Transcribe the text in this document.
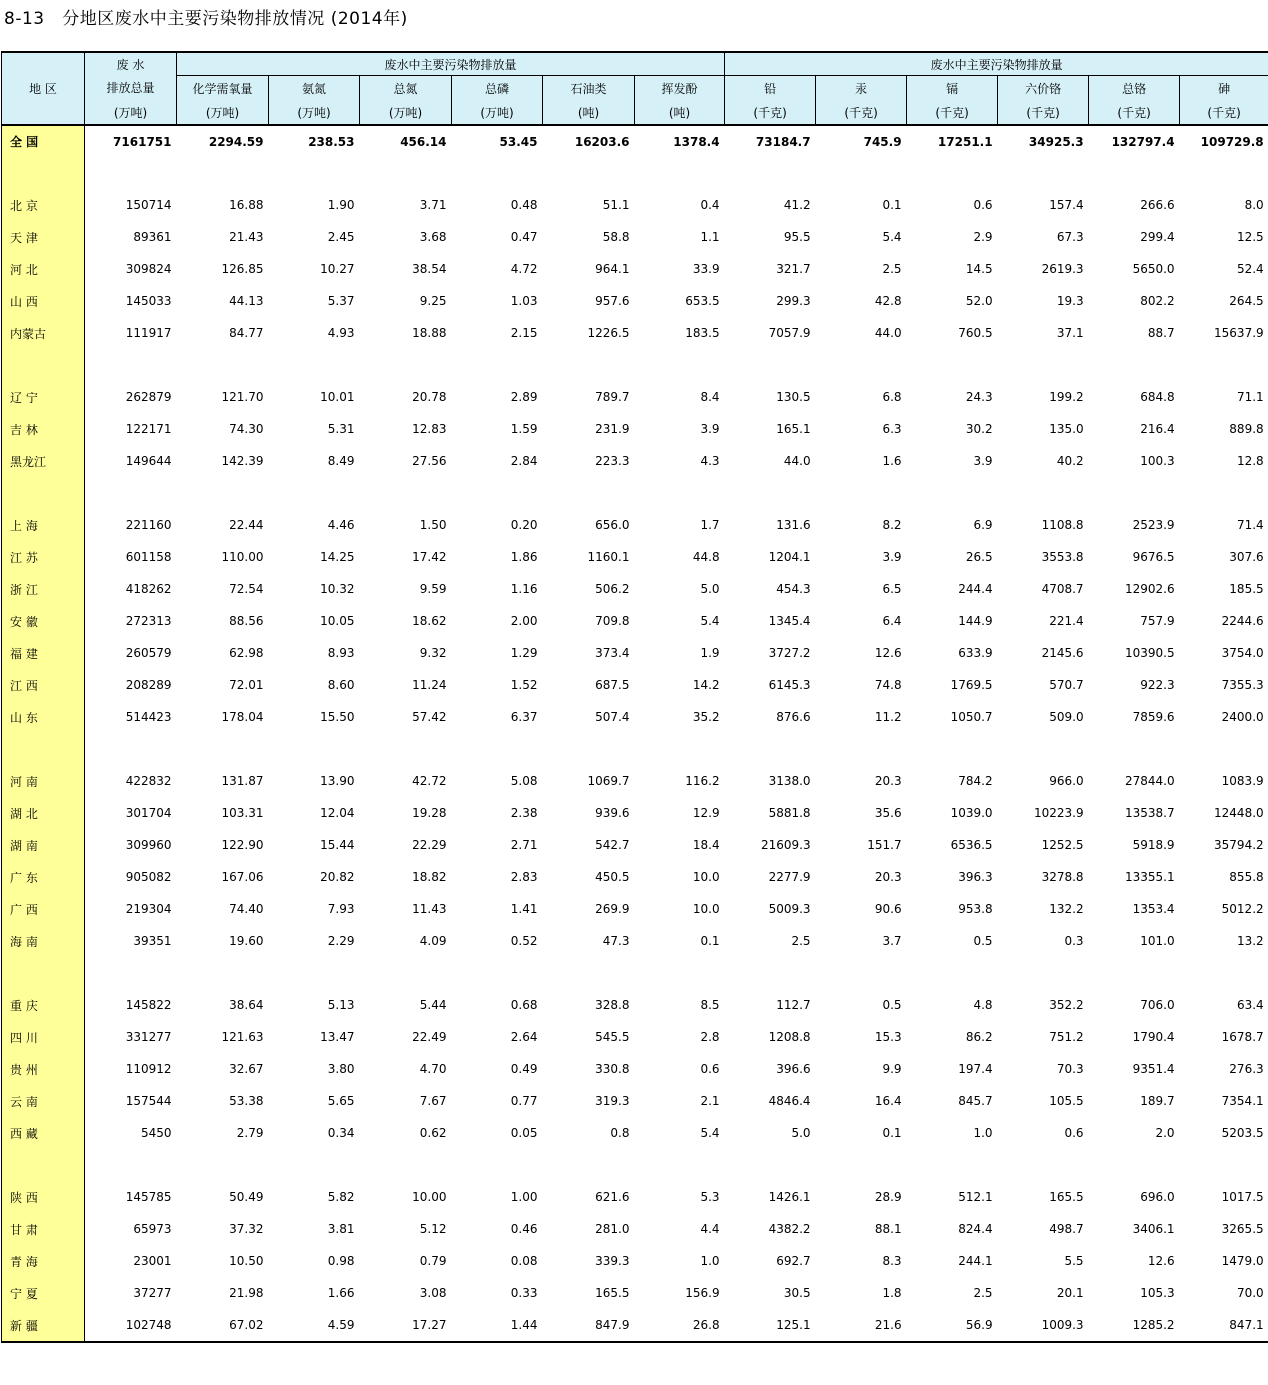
8-13   分地区废水中主要污染物排放情况 (2014年)
地 区	废 水	废水中主要污染物排放量						废水中主要污染物排放量					
	排放总量	化学需氧量	氨氮	总氮	总磷	石油类	挥发酚	铅	汞	镉	六价铬	总铬	砷
	(万吨)	(万吨)	(万吨)	(万吨)	(万吨)	(吨)	(吨)	(千克)	(千克)	(千克)	(千克)	(千克)	(千克)
全 国	7161751	2294.59	238.53	456.14	53.45	16203.6	1378.4	73184.7	745.9	17251.1	34925.3	132797.4	109729.8

北 京	150714	16.88	1.90	3.71	0.48	51.1	0.4	41.2	0.1	0.6	157.4	266.6	8.0
天 津	89361	21.43	2.45	3.68	0.47	58.8	1.1	95.5	5.4	2.9	67.3	299.4	12.5
河 北	309824	126.85	10.27	38.54	4.72	964.1	33.9	321.7	2.5	14.5	2619.3	5650.0	52.4
山 西	145033	44.13	5.37	9.25	1.03	957.6	653.5	299.3	42.8	52.0	19.3	802.2	264.5
内蒙古	111917	84.77	4.93	18.88	2.15	1226.5	183.5	7057.9	44.0	760.5	37.1	88.7	15637.9

辽 宁	262879	121.70	10.01	20.78	2.89	789.7	8.4	130.5	6.8	24.3	199.2	684.8	71.1
吉 林	122171	74.30	5.31	12.83	1.59	231.9	3.9	165.1	6.3	30.2	135.0	216.4	889.8
黑龙江	149644	142.39	8.49	27.56	2.84	223.3	4.3	44.0	1.6	3.9	40.2	100.3	12.8

上 海	221160	22.44	4.46	1.50	0.20	656.0	1.7	131.6	8.2	6.9	1108.8	2523.9	71.4
江 苏	601158	110.00	14.25	17.42	1.86	1160.1	44.8	1204.1	3.9	26.5	3553.8	9676.5	307.6
浙 江	418262	72.54	10.32	9.59	1.16	506.2	5.0	454.3	6.5	244.4	4708.7	12902.6	185.5
安 徽	272313	88.56	10.05	18.62	2.00	709.8	5.4	1345.4	6.4	144.9	221.4	757.9	2244.6
福 建	260579	62.98	8.93	9.32	1.29	373.4	1.9	3727.2	12.6	633.9	2145.6	10390.5	3754.0
江 西	208289	72.01	8.60	11.24	1.52	687.5	14.2	6145.3	74.8	1769.5	570.7	922.3	7355.3
山 东	514423	178.04	15.50	57.42	6.37	507.4	35.2	876.6	11.2	1050.7	509.0	7859.6	2400.0

河 南	422832	131.87	13.90	42.72	5.08	1069.7	116.2	3138.0	20.3	784.2	966.0	27844.0	1083.9
湖 北	301704	103.31	12.04	19.28	2.38	939.6	12.9	5881.8	35.6	1039.0	10223.9	13538.7	12448.0
湖 南	309960	122.90	15.44	22.29	2.71	542.7	18.4	21609.3	151.7	6536.5	1252.5	5918.9	35794.2
广 东	905082	167.06	20.82	18.82	2.83	450.5	10.0	2277.9	20.3	396.3	3278.8	13355.1	855.8
广 西	219304	74.40	7.93	11.43	1.41	269.9	10.0	5009.3	90.6	953.8	132.2	1353.4	5012.2
海 南	39351	19.60	2.29	4.09	0.52	47.3	0.1	2.5	3.7	0.5	0.3	101.0	13.2

重 庆	145822	38.64	5.13	5.44	0.68	328.8	8.5	112.7	0.5	4.8	352.2	706.0	63.4
四 川	331277	121.63	13.47	22.49	2.64	545.5	2.8	1208.8	15.3	86.2	751.2	1790.4	1678.7
贵 州	110912	32.67	3.80	4.70	0.49	330.8	0.6	396.6	9.9	197.4	70.3	9351.4	276.3
云 南	157544	53.38	5.65	7.67	0.77	319.3	2.1	4846.4	16.4	845.7	105.5	189.7	7354.1
西 藏	5450	2.79	0.34	0.62	0.05	0.8	5.4	5.0	0.1	1.0	0.6	2.0	5203.5

陕 西	145785	50.49	5.82	10.00	1.00	621.6	5.3	1426.1	28.9	512.1	165.5	696.0	1017.5
甘 肃	65973	37.32	3.81	5.12	0.46	281.0	4.4	4382.2	88.1	824.4	498.7	3406.1	3265.5
青 海	23001	10.50	0.98	0.79	0.08	339.3	1.0	692.7	8.3	244.1	5.5	12.6	1479.0
宁 夏	37277	21.98	1.66	3.08	0.33	165.5	156.9	30.5	1.8	2.5	20.1	105.3	70.0
新 疆	102748	67.02	4.59	17.27	1.44	847.9	26.8	125.1	21.6	56.9	1009.3	1285.2	847.1
